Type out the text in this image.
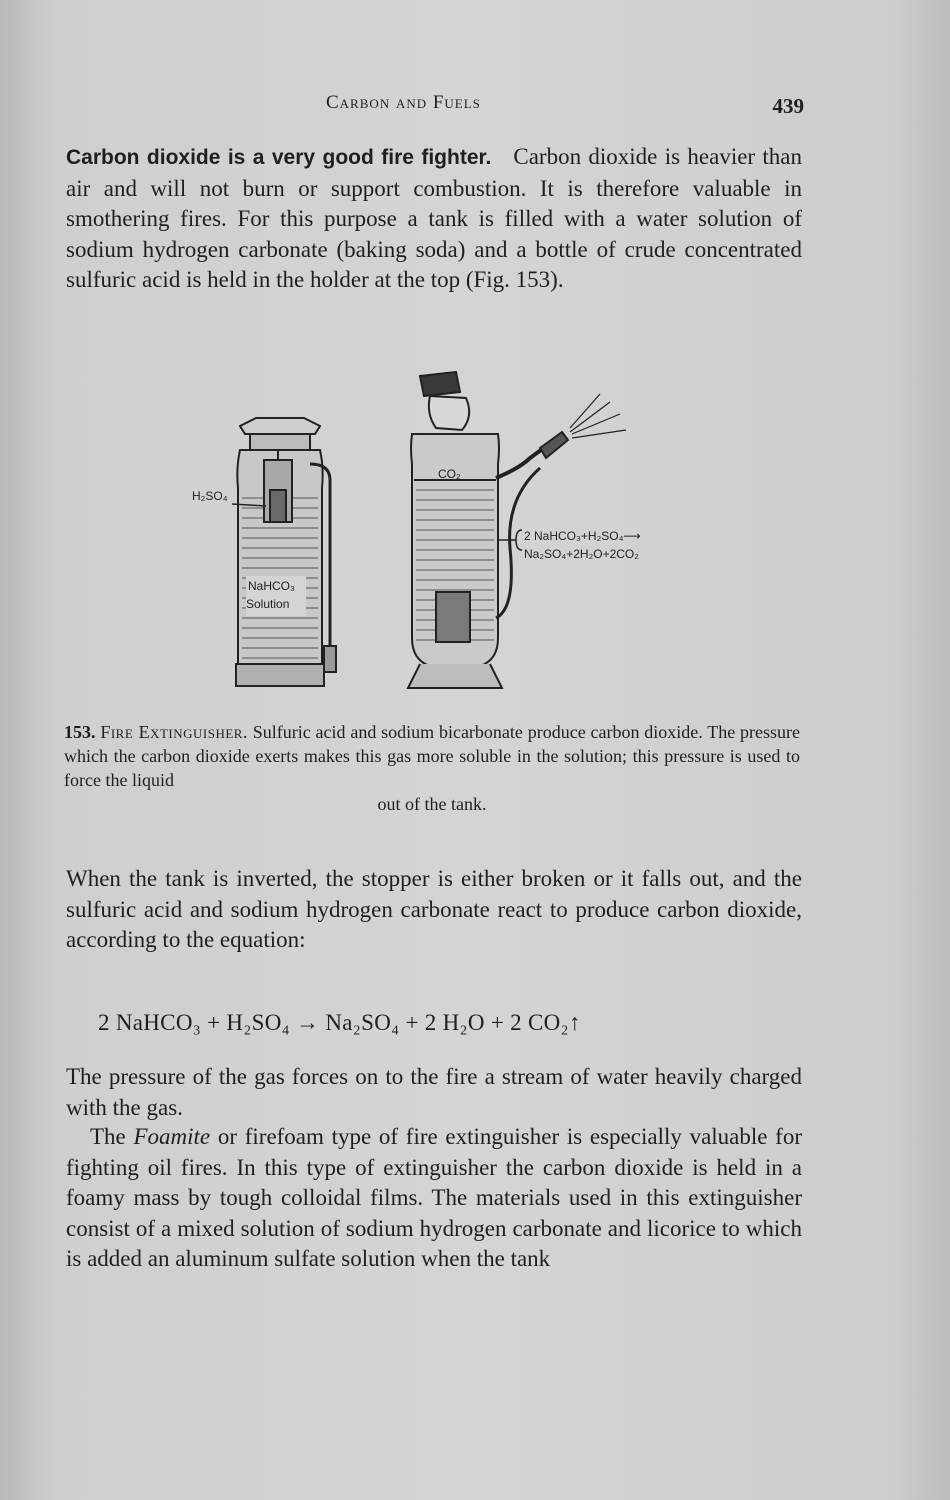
Carbon and Fuels	439

Carbon dioxide is a very good fire fighter. Carbon dioxide is heavier than air and will not burn or support combustion. It is therefore valuable in smothering fires. For this purpose a tank is filled with a water solution of sodium hydrogen carbonate (baking soda) and a bottle of crude concentrated sulfuric acid is held in the holder at the top (Fig. 153).

H₂SO₄
NaHCO₃
Solution
CO₂
2 NaHCO₃+H₂SO₄⟶
Na₂SO₄+2H₂O+2CO₂

153. Fire Extinguisher. Sulfuric acid and sodium bicarbonate produce carbon dioxide. The pressure which the carbon dioxide exerts makes this gas more soluble in the solution; this pressure is used to force the liquid
out of the tank.

When the tank is inverted, the stopper is either broken or it falls out, and the sulfuric acid and sodium hydrogen carbonate react to produce carbon dioxide, according to the equation:

2 NaHCO₃ + H₂SO₄ → Na₂SO₄ + 2 H₂O + 2 CO₂↑

The pressure of the gas forces on to the fire a stream of water heavily charged with the gas.

The Foamite or firefoam type of fire extinguisher is especially valuable for fighting oil fires. In this type of extinguisher the carbon dioxide is held in a foamy mass by tough colloidal films. The materials used in this extinguisher consist of a mixed solution of sodium hydrogen carbonate and licorice to which is added an aluminum sulfate solution when the tank
